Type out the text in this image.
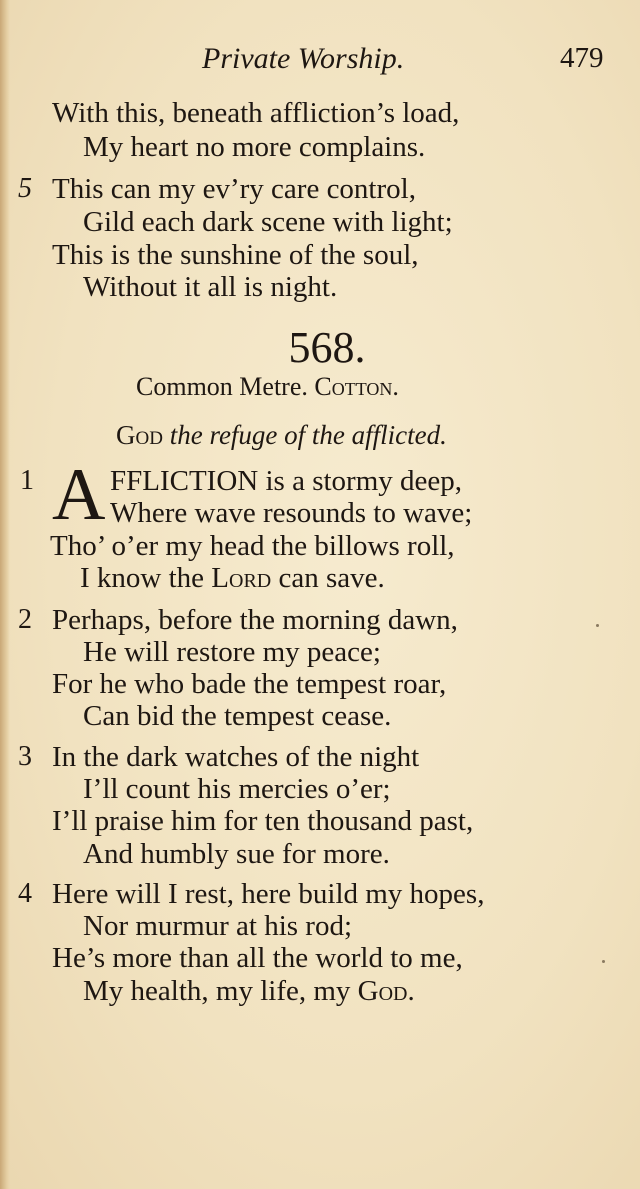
Private Worship.	479
With this, beneath affliction’s load,
My heart no more complains.
5 This can my ev’ry care control,
Gild each dark scene with light;
This is the sunshine of the soul,
Without it all is night.
568.
Common Metre. Cotton.
God the refuge of the afflicted.
1 A FFLICTION is a stormy deep,
Where wave resounds to wave;
Tho’ o’er my head the billows roll,
I know the Lord can save.
2 Perhaps, before the morning dawn,
He will restore my peace;
For he who bade the tempest roar,
Can bid the tempest cease.
3 In the dark watches of the night
I’ll count his mercies o’er;
I’ll praise him for ten thousand past,
And humbly sue for more.
4 Here will I rest, here build my hopes,
Nor murmur at his rod;
He’s more than all the world to me,
My health, my life, my God.
